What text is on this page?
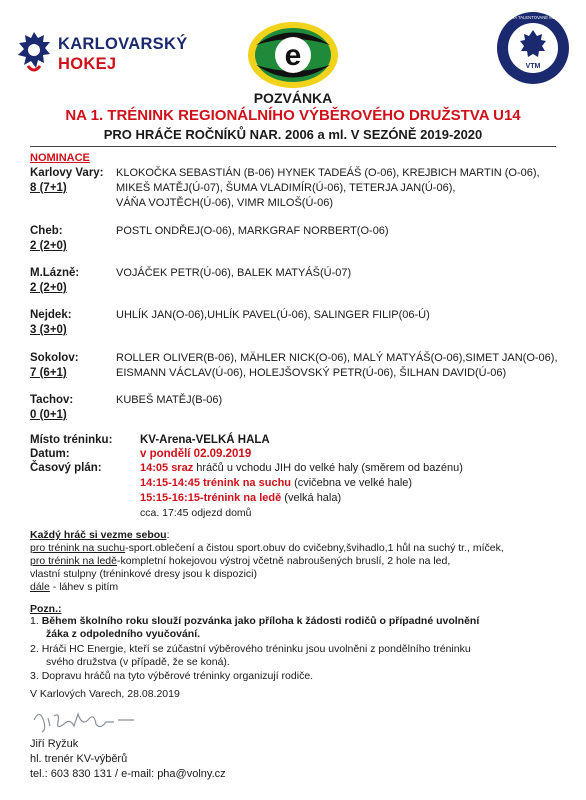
KARLOVARSKÝ
HOKEJ	e	VTM
VÝCHOVA TALENTOVANÉ MLÁDEŽE
POZVÁNKA
NA 1. TRÉNINK REGIONÁLNÍHO VÝBĚROVÉHO DRUŽSTVA U14
PRO HRÁČE ROČNÍKŮ NAR. 2006 a ml. V SEZÓNĚ 2019-2020
NOMINACE
Karlovy Vary:
8 (7+1)
KLOKOČKA SEBASTIÁN (B-06) HYNEK TADEÁŠ (O-06), KREJBICH MARTIN (O-06),
MIKEŠ MATĚJ(Ú-07), ŠUMA VLADIMÍR(Ú-06), TETERJA JAN(Ú-06),
VÁŇA VOJTĚCH(Ú-06), VIMR MILOŠ(Ú-06)
Cheb:
2 (2+0)
POSTL ONDŘEJ(O-06), MARKGRAF NORBERT(O-06)
M.Lázně:
2 (2+0)
VOJÁČEK PETR(Ú-06), BALEK MATYÁŠ(Ú-07)
Nejdek:
3 (3+0)
UHLÍK JAN(O-06),UHLÍK PAVEL(Ú-06), SALINGER FILIP(06-Ú)
Sokolov:
7 (6+1)
ROLLER OLIVER(B-06), MÄHLER NICK(O-06), MALÝ MATYÁŠ(O-06),SIMET JAN(O-06),
EISMANN VÁCLAV(Ú-06), HOLEJŠOVSKÝ PETR(Ú-06), ŠILHAN DAVID(Ú-06)
Tachov:
0 (0+1)
KUBEŠ MATĚJ(B-06)
Místo tréninku: KV-Arena-VELKÁ HALA
Datum:	v pondělí 02.09.2019
Časový plán:	14:05 sraz hráčů u vchodu JIH do velké haly (směrem od bazénu)
14:15-14:45 trénink na suchu (cvičebna ve velké hale)
15:15-16:15-trénink na ledě (velká hala)
cca. 17:45 odjezd domů
Každý hráč si vezme sebou:
pro trénink na suchu-sport.oblečení a čistou sport.obuv do cvičebny,švihadlo,1 hůl na suchý tr., míček,
pro trénink na ledě-kompletní hokejovou výstroj včetně nabroušených bruslí, 2 hole na led,
vlastní stulpny (tréninkové dresy jsou k dispozici)
dále - láhev s pitím
Pozn.:
1. Během školního roku slouží pozvánka jako příloha k žádosti rodičů o případné uvolnění
žáka z odpoledního vyučování.
2. Hráči HC Energie, kteří se zúčastní výběrového tréninku jsou uvolněni z pondělního tréninku
svého družstva (v případě, že se koná).
3. Dopravu hráčů na tyto výběrové tréninky organizují rodiče.
V Karlových Varech, 28.08.2019
Jiří Ryžuk
hl. trenér KV-výběrů
tel.: 603 830 131 / e-mail: pha@volny.cz
